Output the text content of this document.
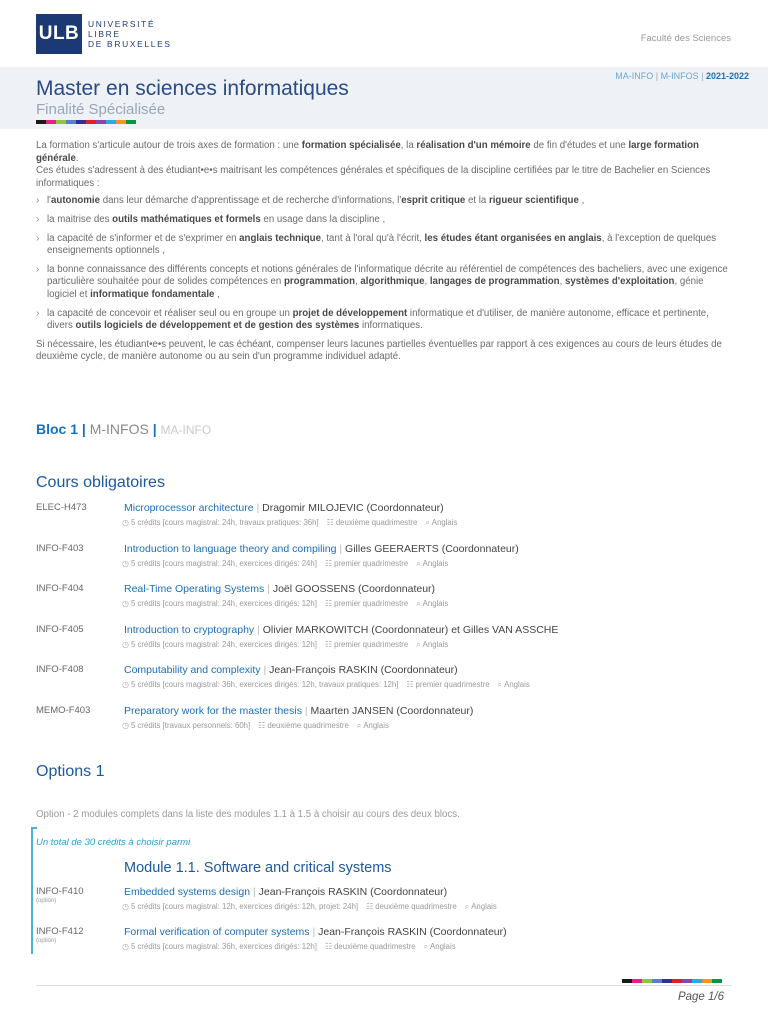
ULB	UNIVERSITÉ
LIBRE
DE BRUXELLES	Faculté des Sciences
MA-INFO | M-INFOS | 2021-2022
Master en sciences informatiques
Finalité Spécialisée

La formation s'articule autour de trois axes de formation : une formation spécialisée, la réalisation d'un mémoire de fin d'études et une large formation générale.

Ces études s'adressent à des étudiant•e•s maitrisant les compétences générales et spécifiques de la discipline certifiées par le titre de Bachelier en Sciences informatiques :

› l'autonomie dans leur démarche d'apprentissage et de recherche d'informations, l'esprit critique et la rigueur scientifique ,
› la maitrise des outils mathématiques et formels en usage dans la discipline ,
› la capacité de s'informer et de s'exprimer en anglais technique, tant à l'oral qu'à l'écrit, les études étant organisées en anglais, à l'exception de quelques enseignements optionnels ,
› la bonne connaissance des différents concepts et notions générales de l'informatique décrite au référentiel de compétences des bacheliers, avec une exigence particulière souhaitée pour de solides compétences en programmation, algorithmique, langages de programmation, systèmes d'exploitation, génie logiciel et informatique fondamentale ,
› la capacité de concevoir et réaliser seul ou en groupe un projet de développement informatique et d'utiliser, de manière autonome, efficace et pertinente, divers outils logiciels de développement et de gestion des systèmes informatiques.

Si nécessaire, les étudiant•e•s peuvent, le cas échéant, compenser leurs lacunes partielles éventuelles par rapport à ces exigences au cours de leurs études de deuxième cycle, de manière autonome ou au sein d'un programme individuel adapté.

Bloc 1 | M-INFOS | MA-INFO
Cours obligatoires
ELEC-H473	Microprocessor architecture | Dragomir MILOJEVIC (Coordonnateur)
◷ 5 crédits [cours magistral: 24h, travaux pratiques: 36h] ☷ deuxième quadrimestre ⌕ Anglais
INFO-F403	Introduction to language theory and compiling | Gilles GEERAERTS (Coordonnateur)
◷ 5 crédits [cours magistral: 24h, exercices dirigés: 24h] ☷ premier quadrimestre ⌕ Anglais
INFO-F404	Real-Time Operating Systems | Joël GOOSSENS (Coordonnateur)
◷ 5 crédits [cours magistral: 24h, exercices dirigés: 12h] ☷ premier quadrimestre ⌕ Anglais
INFO-F405	Introduction to cryptography | Olivier MARKOWITCH (Coordonnateur) et Gilles VAN ASSCHE
◷ 5 crédits [cours magistral: 24h, exercices dirigés: 12h] ☷ premier quadrimestre ⌕ Anglais
INFO-F408	Computability and complexity | Jean-François RASKIN (Coordonnateur)
◷ 5 crédits [cours magistral: 36h, exercices dirigés: 12h, travaux pratiques: 12h] ☷ premier quadrimestre ⌕ Anglais
MEMO-F403	Preparatory work for the master thesis | Maarten JANSEN (Coordonnateur)
◷ 5 crédits [travaux personnels: 60h] ☷ deuxième quadrimestre ⌕ Anglais
Options 1
Option - 2 modules complets dans la liste des modules 1.1 à 1.5 à choisir au cours des deux blocs.
Un total de 30 crédits à choisir parmi
Module 1.1. Software and critical systems
INFO-F410
(option)
Embedded systems design | Jean-François RASKIN (Coordonnateur)
◷ 5 crédits [cours magistral: 12h, exercices dirigés: 12h, projet: 24h] ☷ deuxième quadrimestre ⌕ Anglais
INFO-F412
(option)
Formal verification of computer systems | Jean-François RASKIN (Coordonnateur)
◷ 5 crédits [cours magistral: 36h, exercices dirigés: 12h] ☷ deuxième quadrimestre ⌕ Anglais
Page 1/6
